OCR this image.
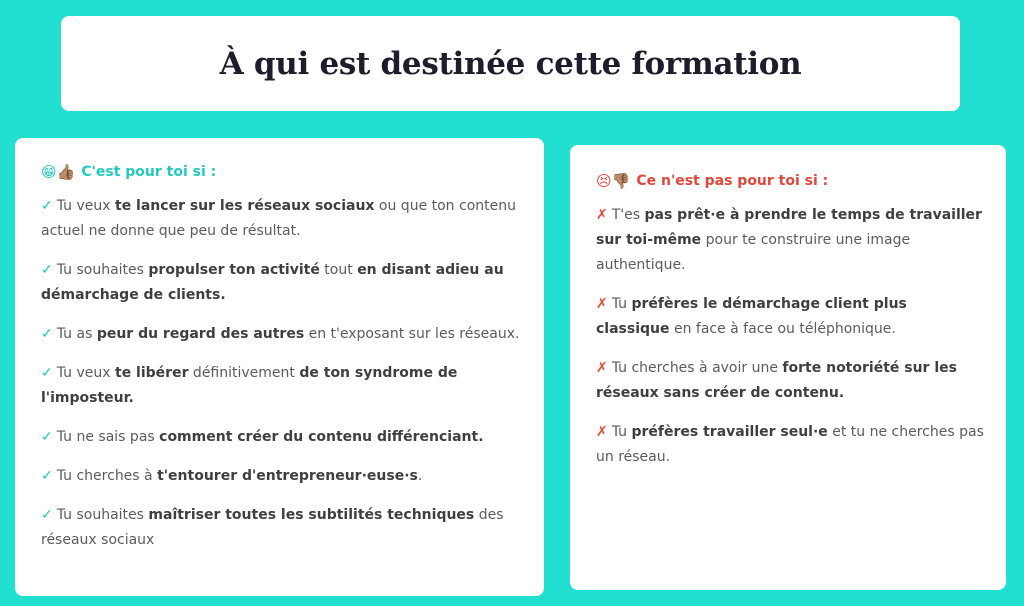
À qui est destinée cette formation
😁👍🏽 C'est pour toi si :
✓ Tu veux te lancer sur les réseaux sociaux ou que ton contenu actuel ne donne que peu de résultat.
✓ Tu souhaites propulser ton activité tout en disant adieu au démarchage de clients.
✓ Tu as peur du regard des autres en t'exposant sur les réseaux.
✓ Tu veux te libérer définitivement de ton syndrome de l'imposteur.
✓ Tu ne sais pas comment créer du contenu différenciant.
✓ Tu cherches à t'entourer d'entrepreneur·euse·s.
✓ Tu souhaites maîtriser toutes les subtilités techniques des réseaux sociaux
😣👎🏽 Ce n'est pas pour toi si :
✗ T'es pas prêt·e à prendre le temps de travailler sur toi-même pour te construire une image authentique.
✗ Tu préfères le démarchage client plus classique en face à face ou téléphonique.
✗ Tu cherches à avoir une forte notoriété sur les réseaux sans créer de contenu.
✗ Tu préfères travailler seul·e et tu ne cherches pas un réseau.
